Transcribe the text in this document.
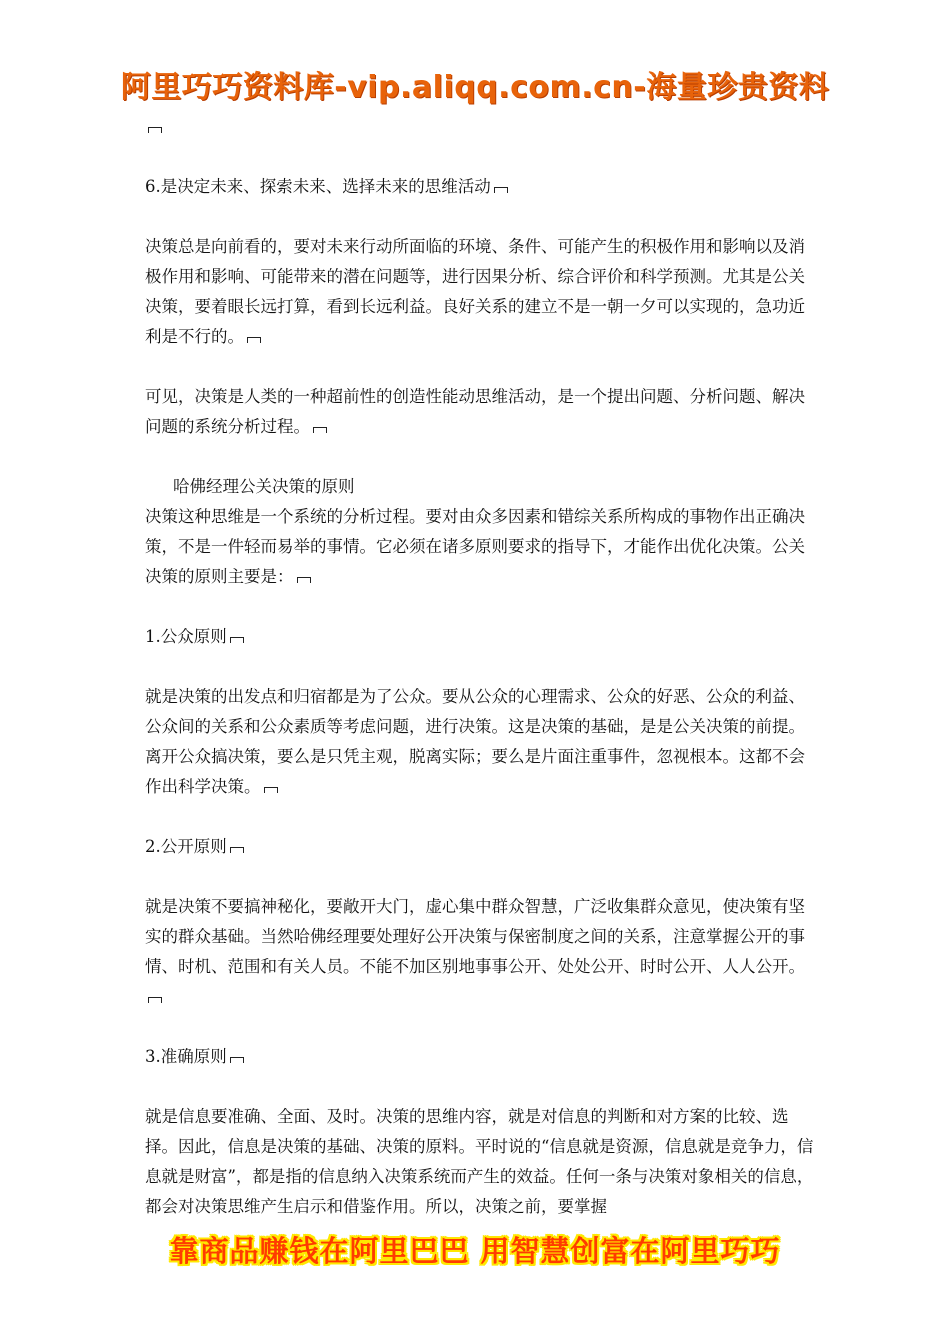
阿里巧巧资料库-vip.aliqq.com.cn-海量珍贵资料

6.是决定未来、探索未来、选择未来的思维活动

决策总是向前看的，要对未来行动所面临的环境、条件、可能产生的积极作用和影响以及消极作用和影响、可能带来的潜在问题等，进行因果分析、综合评价和科学预测。尤其是公关决策，要着眼长远打算，看到长远利益。良好关系的建立不是一朝一夕可以实现的，急功近利是不行的。

可见，决策是人类的一种超前性的创造性能动思维活动，是一个提出问题、分析问题、解决问题的系统分析过程。

哈佛经理公关决策的原则

决策这种思维是一个系统的分析过程。要对由众多因素和错综关系所构成的事物作出正确决策，不是一件轻而易举的事情。它必须在诸多原则要求的指导下，才能作出优化决策。公关决策的原则主要是：

1.公众原则

就是决策的出发点和归宿都是为了公众。要从公众的心理需求、公众的好恶、公众的利益、公众间的关系和公众素质等考虑问题，进行决策。这是决策的基础，是是公关决策的前提。离开公众搞决策，要么是只凭主观，脱离实际；要么是片面注重事件，忽视根本。这都不会作出科学决策。

2.公开原则

就是决策不要搞神秘化，要敞开大门，虚心集中群众智慧，广泛收集群众意见，使决策有坚实的群众基础。当然哈佛经理要处理好公开决策与保密制度之间的关系，注意掌握公开的事情、时机、范围和有关人员。不能不加区别地事事公开、处处公开、时时公开、人人公开。

3.准确原则

就是信息要准确、全面、及时。决策的思维内容，就是对信息的判断和对方案的比较、选择。因此，信息是决策的基础、决策的原料。平时说的“信息就是资源，信息就是竞争力，信息就是财富”，都是指的信息纳入决策系统而产生的效益。任何一条与决策对象相关的信息，都会对决策思维产生启示和借鉴作用。所以，决策之前，要掌握

靠商品赚钱在阿里巴巴 用智慧创富在阿里巧巧
